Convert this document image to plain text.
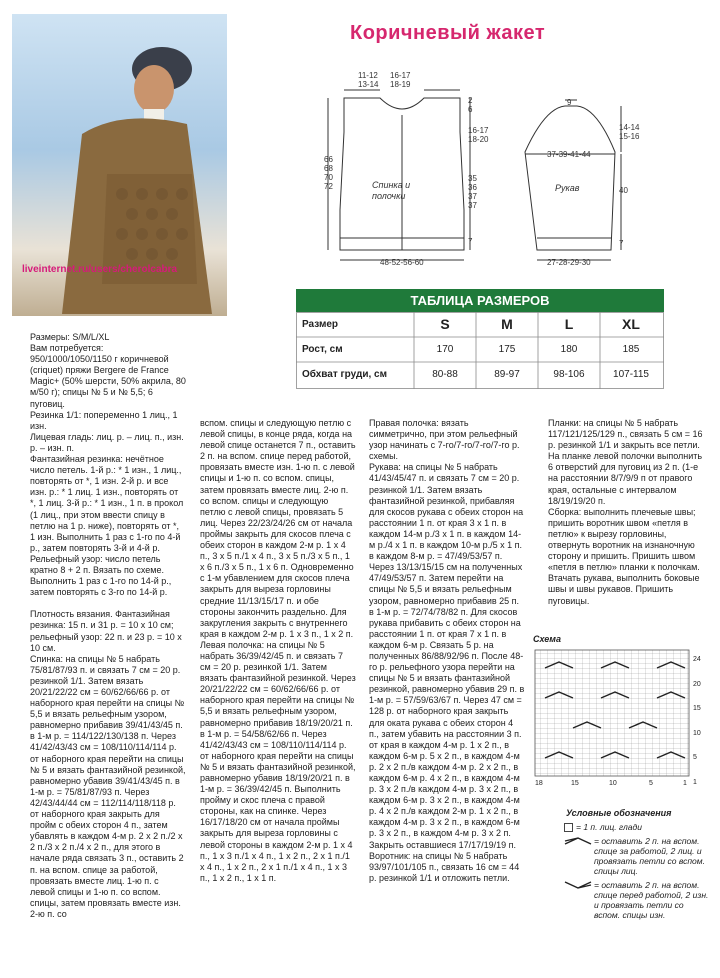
liveinternet.ru/users/cherolcabra
Коричневый жакет
11-12
13-14
16-17
18-19
2
6
16-17
18-20
35
36
37
37
7
66
68
70
72	Спинка и полочки
48-52-56-60
9
14-14
15-16
37-39-41-44
Рукав	40
7
27-28-29-30
ТАБЛИЦА РАЗМЕРОВ
Размер	S	M	L	XL
Рост, см	170	175	180	185
Обхват груди, см	80-88	89-97	98-106	107-115
Размеры: S/M/L/XL
Вам потребуется: 950/1000/1050/1150 г коричневой (criquet) пряжи Bergere de France Magic+ (50% шерсти, 50% акрила, 80 м/50 г); спицы № 5 и № 5,5; 6 пуговиц.
Резинка 1/1: попеременно 1 лиц., 1 изн.
Лицевая гладь: лиц. р. – лиц. п., изн. р. – изн. п.
Фантазийная резинка: нечётное число петель. 1-й р.: * 1 изн., 1 лиц., повторять от *, 1 изн. 2-й р. и все изн. р.: * 1 лиц. 1 изн., повторять от *, 1 лиц. 3-й р.: * 1 изн., 1 п. в прокол (1 лиц., при этом ввести спицу в петлю на 1 р. ниже), повторять от *, 1 изн. Выполнить 1 раз с 1-го по 4-й р., затем повторять 3-й и 4-й р.
Рельефный узор: число петель кратно 8 + 2 п. Вязать по схеме. Выполнить 1 раз с 1-го по 14-й р., затем повторять с 3-го по 14-й р.

Плотность вязания. Фантазийная резинка: 15 п. и 31 р. = 10 х 10 см; рельефный узор: 22 п. и 23 р. = 10 х 10 см.
Спинка: на спицы № 5 набрать 75/81/87/93 п. и связать 7 см = 20 р. резинкой 1/1. Затем вязать 20/21/22/22 см = 60/62/66/66 р. от наборного края перейти на спицы № 5,5 и вязать рельефным узором, равномерно прибавив 39/41/43/45 п. в 1-м р. = 114/122/130/138 п. Через 41/42/43/43 см = 108/110/114/114 р. от наборного края перейти на спицы № 5 и вязать фантазийной резинкой, равномерно убавив 39/41/43/45 п. в 1-м р. = 75/81/87/93 п. Через 42/43/44/44 см = 112/114/118/118 р. от наборного края закрыть для пройм с обеих сторон 4 п., затем убавлять в каждом 4-м р. 2 х 2 п./2 х 2 п./3 х 2 п./4 х 2 п., для этого в начале ряда связать 3 п., оставить 2 п. на вспом. спице за работой, провязать вместе лиц. 1-ю п. с левой спицы и 1-ю п. со вспом. спицы, затем провязать вместе изн. 2-ю п. со
вспом. спицы и следующую петлю с левой спицы, в конце ряда, когда на левой спице останется 7 п., оставить 2 п. на вспом. спице перед работой, провязать вместе изн. 1-ю п. с левой спицы и 1-ю п. со вспом. спицы, затем провязать вместе лиц. 2-ю п. со вспом. спицы и следующую петлю с левой спицы, провязать 5 лиц. Через 22/23/24/26 см от начала проймы закрыть для скосов плеча с обеих сторон в каждом 2-м р. 1 х 4 п., 3 х 5 п./1 х 4 п., 3 х 5 п./3 х 5 п., 1 х 6 п./3 х 5 п., 1 х 6 п. Одновременно с 1-м убавлением для скосов плеча закрыть для выреза горловины средние 11/13/15/17 п. и обе стороны закончить раздельно. Для закругления закрыть с внутреннего края в каждом 2-м р. 1 х 3 п., 1 х 2 п.
Левая полочка: на спицы № 5 набрать 36/39/42/45 п. и связать 7 см = 20 р. резинкой 1/1. Затем вязать фантазийной резинкой. Через 20/21/22/22 см = 60/62/66/66 р. от наборного края перейти на спицы № 5,5 и вязать рельефным узором, равномерно прибавив 18/19/20/21 п. в 1-м р. = 54/58/62/66 п. Через 41/42/43/43 см = 108/110/114/114 р. от наборного края перейти на спицы № 5 и вязать фантазийной резинкой, равномерно убавив 18/19/20/21 п. в 1-м р. = 36/39/42/45 п. Выполнить пройму и скос плеча с правой стороны, как на спинке. Через 16/17/18/20 см от начала проймы закрыть для выреза горловины с левой стороны в каждом 2-м р. 1 х 4 п., 1 х 3 п./1 х 4 п., 1 х 2 п., 2 х 1 п./1 х 4 п., 1 х 2 п., 2 х 1 п./1 х 4 п., 1 х 3 п., 1 х 2 п., 1 х 1 п.
Правая полочка: вязать симметрично, при этом рельефный узор начинать с 7-го/7-го/7-го/7-го р. схемы.
Рукава: на спицы № 5 набрать 41/43/45/47 п. и связать 7 см = 20 р. резинкой 1/1. Затем вязать фантазийной резинкой, прибавляя для скосов рукава с обеих сторон на расстоянии 1 п. от края 3 х 1 п. в каждом 14-м р./3 х 1 п. в каждом 14-м р./4 х 1 п. в каждом 10-м р./5 х 1 п. в каждом 8-м р. = 47/49/53/57 п. Через 13/13/15/15 см на полученных 47/49/53/57 п. Затем перейти на спицы № 5,5 и вязать рельефным узором, равномерно прибавив 25 п. в 1-м р. = 72/74/78/82 п. Для скосов рукава прибавить с обеих сторон на расстоянии 1 п. от края 7 х 1 п. в каждом 6-м р. Связать 5 р. на полученных 86/88/92/96 п. После 48-го р. рельефного узора перейти на спицы № 5 и вязать фантазийной резинкой, равномерно убавив 29 п. в 1-м р. = 57/59/63/67 п. Через 47 см = 128 р. от наборного края закрыть для оката рукава с обеих сторон 4 п., затем убавить на расстоянии 3 п. от края в каждом 4-м р. 1 х 2 п., в каждом 6-м р. 5 х 2 п., в каждом 4-м р. 2 х 2 п./в каждом 4-м р. 2 х 2 п., в каждом 6-м р. 4 х 2 п., в каждом 4-м р. 3 х 2 п./в каждом 4-м р. 3 х 2 п., в каждом 6-м р. 3 х 2 п., в каждом 4-м р. 4 х 2 п./в каждом 2-м р. 1 х 2 п., в каждом 4-м р. 3 х 2 п., в каждом 6-м р. 3 х 2 п., в каждом 4-м р. 3 х 2 п. Закрыть оставшиеся 17/17/19/19 п.
Воротник: на спицы № 5 набрать 93/97/101/105 п., связать 16 см = 44 р. резинкой 1/1 и отложить петли.
Планки: на спицы № 5 набрать 117/121/125/129 п., связать 5 см = 16 р. резинкой 1/1 и закрыть все петли. На планке левой полочки выполнить 6 отверстий для пуговиц из 2 п. (1-е на расстоянии 8/7/9/9 п от правого края, остальные с интервалом 18/19/19/20 п.
Сборка: выполнить плечевые швы; пришить воротник швом «петля в петлю» к вырезу горловины, отвернуть воротник на изнаночную сторону и пришить. Пришить швом «петля в петлю» планки к полочкам. Втачать рукава, выполнить боковые швы и швы рукавов. Пришить пуговицы.
Схема
24
20
15
10
5
1
18	15	10	5	1
Условные обозначения
= 1 п. лиц. глади
= оставить 2 п. на вспом. спице за работой, 2 лиц. и провязать петли со вспом. спицы лиц.
= оставить 2 п. на вспом. спице перед работой, 2 изн. и провязать петли со вспом. спицы изн.
